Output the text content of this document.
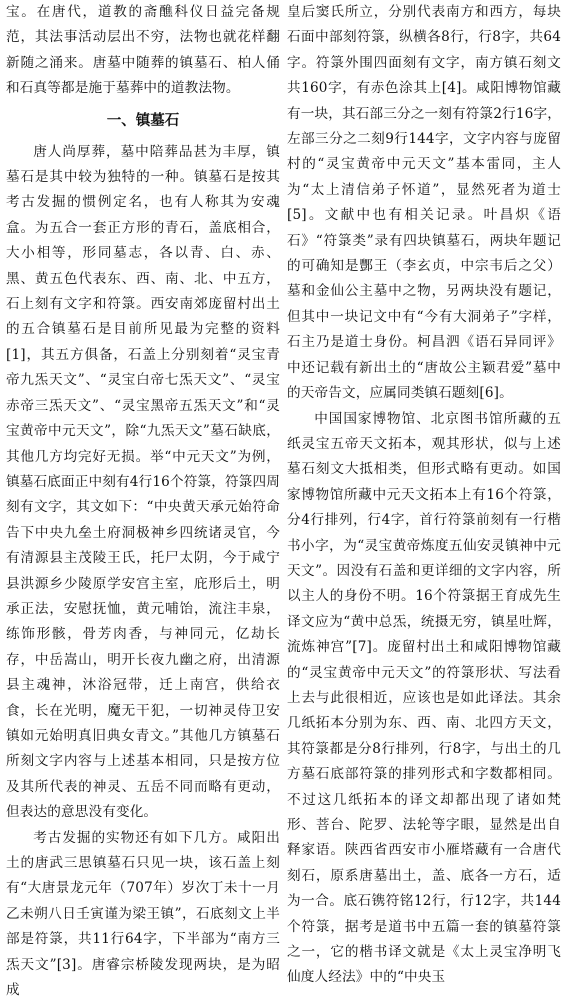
宝。在唐代，道教的斋醮科仪日益完备规范，其法事活动层出不穷，法物也就花样翻新随之涌来。唐墓中随葬的镇墓石、柏人俑和石真等都是施于墓葬中的道教法物。

一、镇墓石

唐人尚厚葬，墓中陪葬品甚为丰厚，镇墓石是其中较为独特的一种。镇墓石是按其考古发掘的惯例定名，也有人称其为安魂盒。为五合一套正方形的青石，盖底相合，大小相等，形同墓志，各以青、白、赤、黑、黄五色代表东、西、南、北、中五方，石上刻有文字和符箓。西安南郊庞留村出土的五合镇墓石是目前所见最为完整的资料[1]，其五方俱备，石盖上分别刻着“灵宝青帝九炁天文”、“灵宝白帝七炁天文”、“灵宝赤帝三炁天文”、“灵宝黑帝五炁天文”和“灵宝黄帝中元天文”，除“九炁天文”墓石缺底，其他几方均完好无损。举“中元天文”为例，镇墓石底面正中刻有4行16个符箓，符箓四周刻有文字，其文如下：“中央黄天承元始符命告下中央九垒土府洞极神乡四统诸灵官，今有清源县主茂陵王氏，托尸太阴，今于咸宁县洪源乡少陵原学安宫主室，庇形后土，明承正法，安慰抚恤，黄元哺饴，流注丰泉，练饰形骸，骨芳肉香，与神同元，亿劫长存，中岳嵩山，明开长夜九幽之府，出清源县主魂神，沐浴冠带，迁上南宫，供给衣食，长在光明，魔无干犯，一切神灵侍卫安镇如元始明真旧典女青文。”其他几方镇墓石所刻文字内容与上述基本相同，只是按方位及其所代表的神灵、五岳不同而略有更动，但表达的意思没有变化。

考古发掘的实物还有如下几方。咸阳出土的唐武三思镇墓石只见一块，该石盖上刻有“大唐景龙元年（707年）岁次丁未十一月乙未朔八日壬寅谨为梁王镇”，石底刻文上半部是符箓，共11行64字，下半部为“南方三炁天文”[3]。唐睿宗桥陵发现两块，是为昭成

皇后窦氏所立，分别代表南方和西方，每块石面中部刻符箓，纵横各8行，行8字，共64字。符箓外围四面刻有文字，南方镇石刻文共160字，有赤色涂其上[4]。咸阳博物馆藏有一块，其石部三分之一刻有符箓2行16字，左部三分之二刻9行144字，文字内容与庞留村的“灵宝黄帝中元天文”基本雷同，主人为“太上清信弟子怀道”，显然死者为道士[5]。文献中也有相关记录。叶昌炽《语石》“符箓类”录有四块镇墓石，两块年题记的可确知是酆王（李玄贞，中宗韦后之父）墓和金仙公主墓中之物，另两块没有题记，但其中一块记文中有“今有大洞弟子”字样，石主乃是道士身份。柯昌泗《语石异同评》中还记载有新出土的“唐故公主颖君爱”墓中的天帝告文，应属同类镇石题刻[6]。

中国国家博物馆、北京图书馆所藏的五纸灵宝五帝天文拓本，观其形状，似与上述墓石刻文大抵相类，但形式略有更动。如国家博物馆所藏中元天文拓本上有16个符箓，分4行排列，行4字，首行符箓前刻有一行楷书小字，为“灵宝黄帝炼度五仙安灵镇神中元天文”。因没有石盖和更详细的文字内容，所以主人的身份不明。16个符箓据王育成先生译文应为“黄中总炁，统摄无穷，镇星吐辉，流炼神宫”[7]。庞留村出土和咸阳博物馆藏的“灵宝黄帝中元天文”的符箓形状、写法看上去与此很相近，应该也是如此译法。其余几纸拓本分别为东、西、南、北四方天文，其符箓都是分8行排列，行8字，与出土的几方墓石底部符箓的排列形式和字数都相同。不过这几纸拓本的译文却都出现了诸如梵形、菩台、陀罗、法轮等字眼，显然是出自释家语。陕西省西安市小雁塔藏有一合唐代刻石，原系唐墓出土，盖、底各一方石，适为一合。底石镌符铭12行，行12字，共144个符箓，据考是道书中五篇一套的镇墓符箓之一，它的楷书译文就是《太上灵宝净明飞仙度人经法》中的“中央玉
